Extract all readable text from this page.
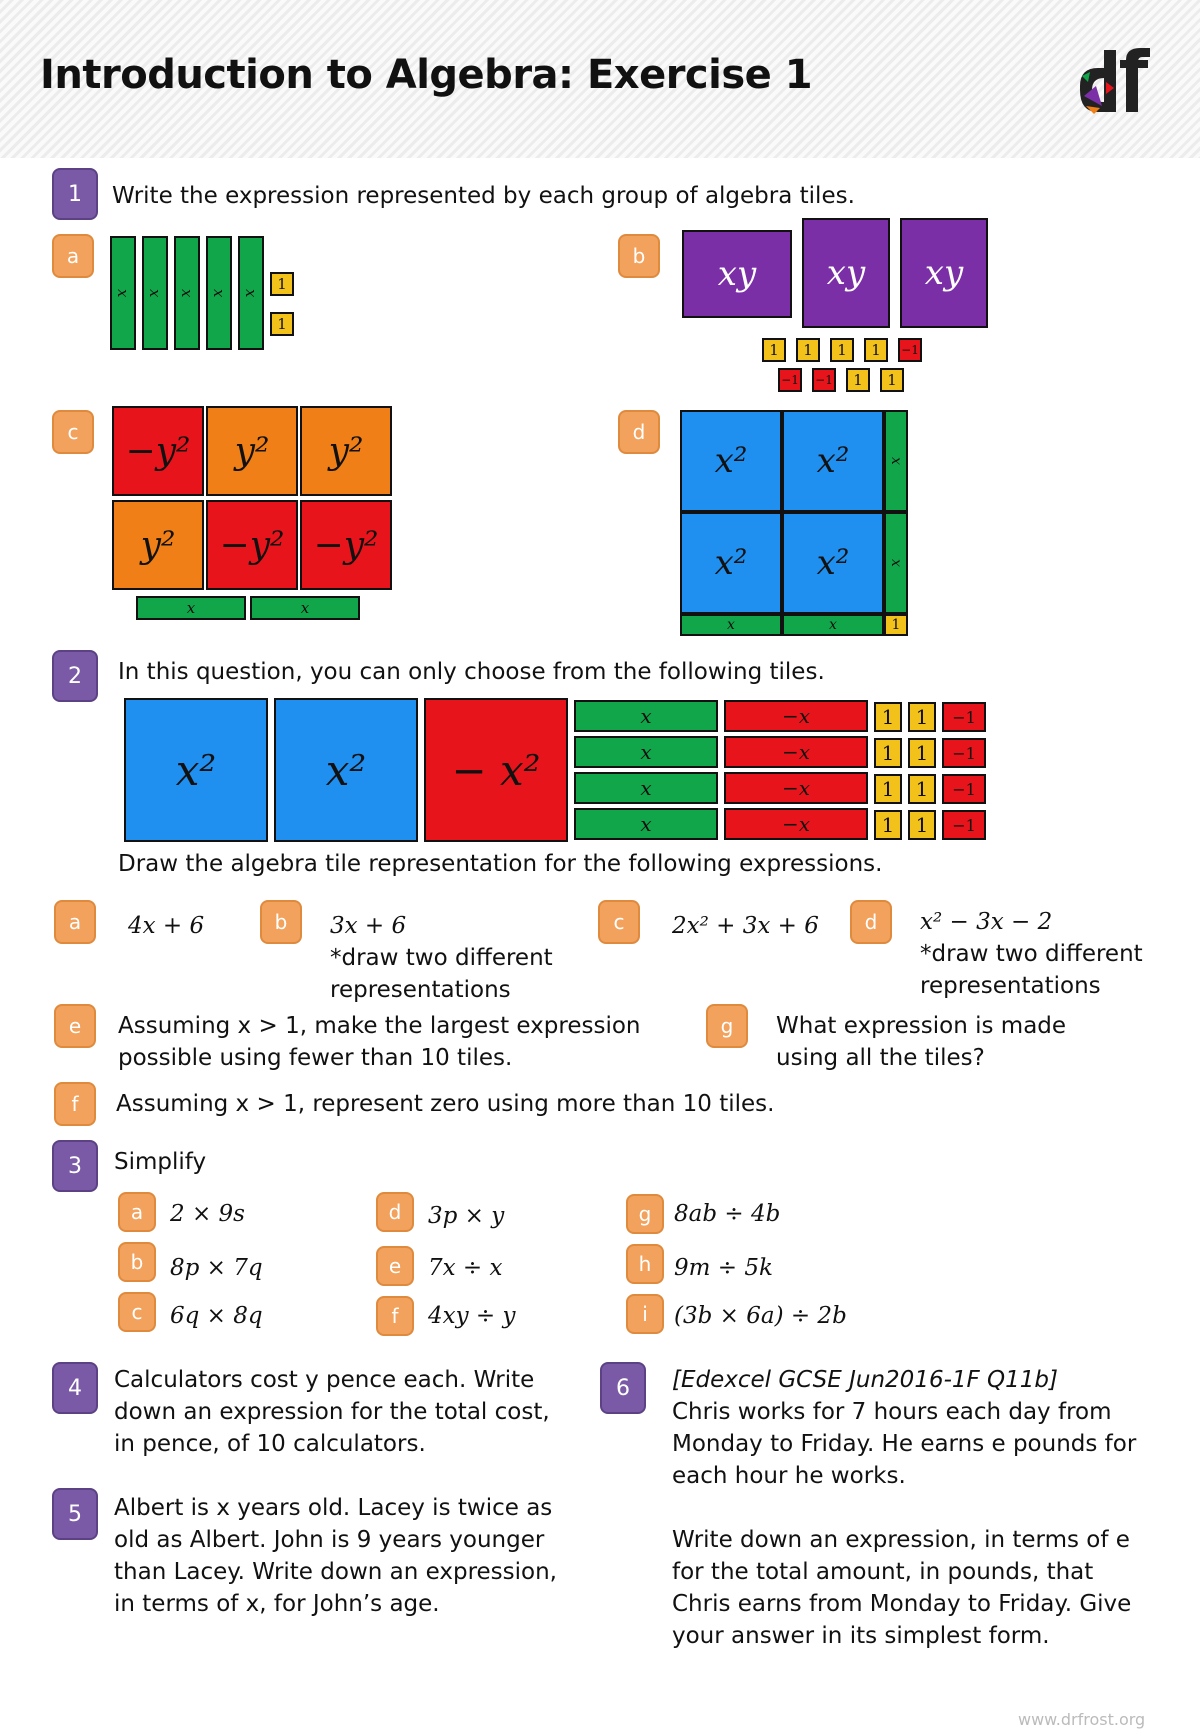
Introduction to Algebra: Exercise 1
1	Write the expression represented by each group of algebra tiles.
a
x x x x x	1
1
b	xy	xy	xy
1	1	1	1	−1
−1 −1	1	1
c	−y²	y²	y²
y²	−y² −y²
x	x
d
x²	x²
x²	x²
x
x
x	x	1
2	In this question, you can only choose from the following tiles.
x²	x²	− x²
x
x
x
x
−x
−x
−x
−x
1
1
1
1
1
1
1
1
−1
−1
−1
−1
Draw the algebra tile representation for the following expressions.
a	4x + 6	b	3x + 6
*draw two different representations
c	2x² + 3x + 6	d	x² − 3x − 2
*draw two different representations
e	Assuming x > 1, make the largest expression possible using fewer than 10 tiles.
g	What expression is made using all the tiles?
f	Assuming x > 1, represent zero using more than 10 tiles.
3	Simplify
a	2 × 9s
b	8p × 7q
c	6q × 8q
d	3p × y
e	7x ÷ x
f	4xy ÷ y
g 8ab ÷ 4b
h 9m ÷ 5k
i	(3b × 6a) ÷ 2b
4	Calculators cost y pence each. Write down an expression for the total cost, in pence, of 10 calculators.
5	Albert is x years old. Lacey is twice as old as Albert. John is 9 years younger than Lacey. Write down an expression, in terms of x, for John’s age.
6	[Edexcel GCSE Jun2016-1F Q11b]
Chris works for 7 hours each day from Monday to Friday. He earns e pounds for each hour he works.
Write down an expression, in terms of e for the total amount, in pounds, that Chris earns from Monday to Friday. Give your answer in its simplest form.
www.drfrost.org
